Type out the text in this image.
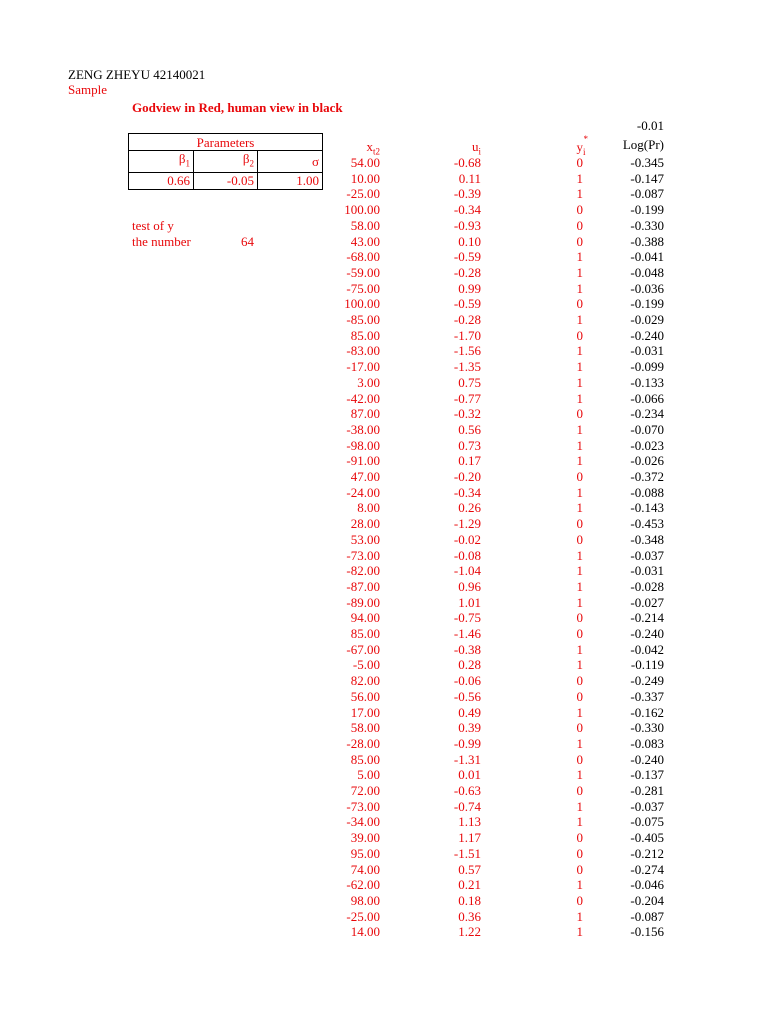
ZENG ZHEYU 42140021
Sample
Godview in Red, human view in black
-0.01
Parameters		
$\beta_1$	$\beta_2$	σ
0.66	-0.05	1.00
test of y
the number	64
$x_{t2}$	$u_i$	$y_i^*$	Log(Pr)
54.00	-0.68	0	-0.345
10.00	0.11	1	-0.147
-25.00	-0.39	1	-0.087
100.00	-0.34	0	-0.199
58.00	-0.93	0	-0.330
43.00	0.10	0	-0.388
-68.00	-0.59	1	-0.041
-59.00	-0.28	1	-0.048
-75.00	0.99	1	-0.036
100.00	-0.59	0	-0.199
-85.00	-0.28	1	-0.029
85.00	-1.70	0	-0.240
-83.00	-1.56	1	-0.031
-17.00	-1.35	1	-0.099
3.00	0.75	1	-0.133
-42.00	-0.77	1	-0.066
87.00	-0.32	0	-0.234
-38.00	0.56	1	-0.070
-98.00	0.73	1	-0.023
-91.00	0.17	1	-0.026
47.00	-0.20	0	-0.372
-24.00	-0.34	1	-0.088
8.00	0.26	1	-0.143
28.00	-1.29	0	-0.453
53.00	-0.02	0	-0.348
-73.00	-0.08	1	-0.037
-82.00	-1.04	1	-0.031
-87.00	0.96	1	-0.028
-89.00	1.01	1	-0.027
94.00	-0.75	0	-0.214
85.00	-1.46	0	-0.240
-67.00	-0.38	1	-0.042
-5.00	0.28	1	-0.119
82.00	-0.06	0	-0.249
56.00	-0.56	0	-0.337
17.00	0.49	1	-0.162
58.00	0.39	0	-0.330
-28.00	-0.99	1	-0.083
85.00	-1.31	0	-0.240
5.00	0.01	1	-0.137
72.00	-0.63	0	-0.281
-73.00	-0.74	1	-0.037
-34.00	1.13	1	-0.075
39.00	1.17	0	-0.405
95.00	-1.51	0	-0.212
74.00	0.57	0	-0.274
-62.00	0.21	1	-0.046
98.00	0.18	0	-0.204
-25.00	0.36	1	-0.087
14.00	1.22	1	-0.156
